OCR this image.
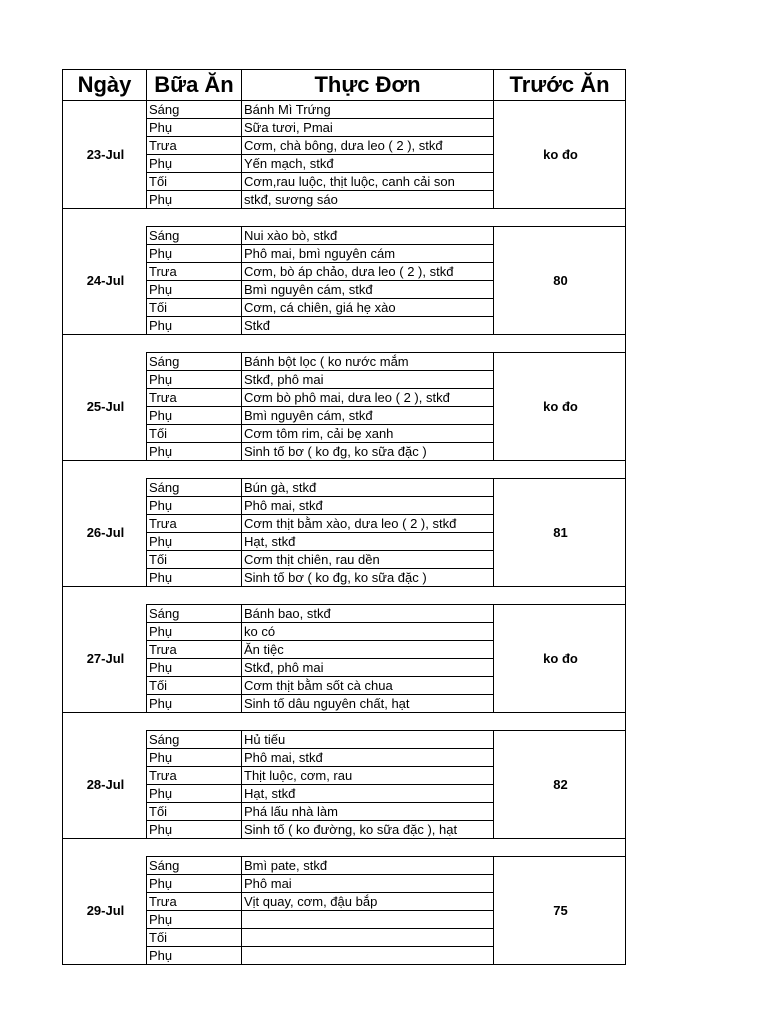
Ngày	Bữa Ăn	Thực Đơn	Trước Ăn
23-Jul	Sáng	Bánh Mì Trứng	ko đo
	Phụ	Sữa tươi, Pmai	
	Trưa	Cơm, chà bông, dưa leo ( 2 ), stkđ	
	Phụ	Yến mạch, stkđ	
	Tối	Cơm,rau luộc, thịt luộc, canh cải son	
	Phụ	stkđ, sương sáo	

24-Jul	Sáng	Nui xào bò, stkđ	80
	Phụ	Phô mai, bmì nguyên cám	
	Trưa	Cơm, bò áp chảo, dưa leo ( 2 ), stkđ	
	Phụ	Bmì nguyên cám, stkđ	
	Tối	Cơm, cá chiên, giá hẹ xào	
	Phụ	Stkđ	

25-Jul	Sáng	Bánh bột lọc ( ko nước mắm	ko đo
	Phụ	Stkđ, phô mai	
	Trưa	Cơm bò phô mai, dưa leo ( 2 ), stkđ	
	Phụ	Bmì nguyên cám, stkđ	
	Tối	Cơm tôm rim, cải bẹ xanh	
	Phụ	Sinh tố bơ ( ko đg, ko sữa đặc )	

26-Jul	Sáng	Bún gà, stkđ	81
	Phụ	Phô mai, stkđ	
	Trưa	Cơm thịt bằm xào, dưa leo ( 2 ), stkđ	
	Phụ	Hạt, stkđ	
	Tối	Cơm thịt chiên, rau dền	
	Phụ	Sinh tố bơ ( ko đg, ko sữa đặc )	

27-Jul	Sáng	Bánh bao, stkđ	ko đo
	Phụ	ko có	
	Trưa	Ăn tiệc	
	Phụ	Stkđ, phô mai	
	Tối	Cơm thịt bằm sốt cà chua	
	Phụ	Sinh tố dâu nguyên chất, hạt	

28-Jul	Sáng	Hủ tiếu	82
	Phụ	Phô mai, stkđ	
	Trưa	Thịt luộc, cơm, rau	
	Phụ	Hạt, stkđ	
	Tối	Phá lấu nhà làm	
	Phụ	Sinh tố ( ko đường, ko sữa đặc ), hạt	

29-Jul	Sáng	Bmì pate, stkđ	75
	Phụ	Phô mai	
	Trưa	Vịt quay, cơm, đậu bắp	
	Phụ		
	Tối		
	Phụ		
